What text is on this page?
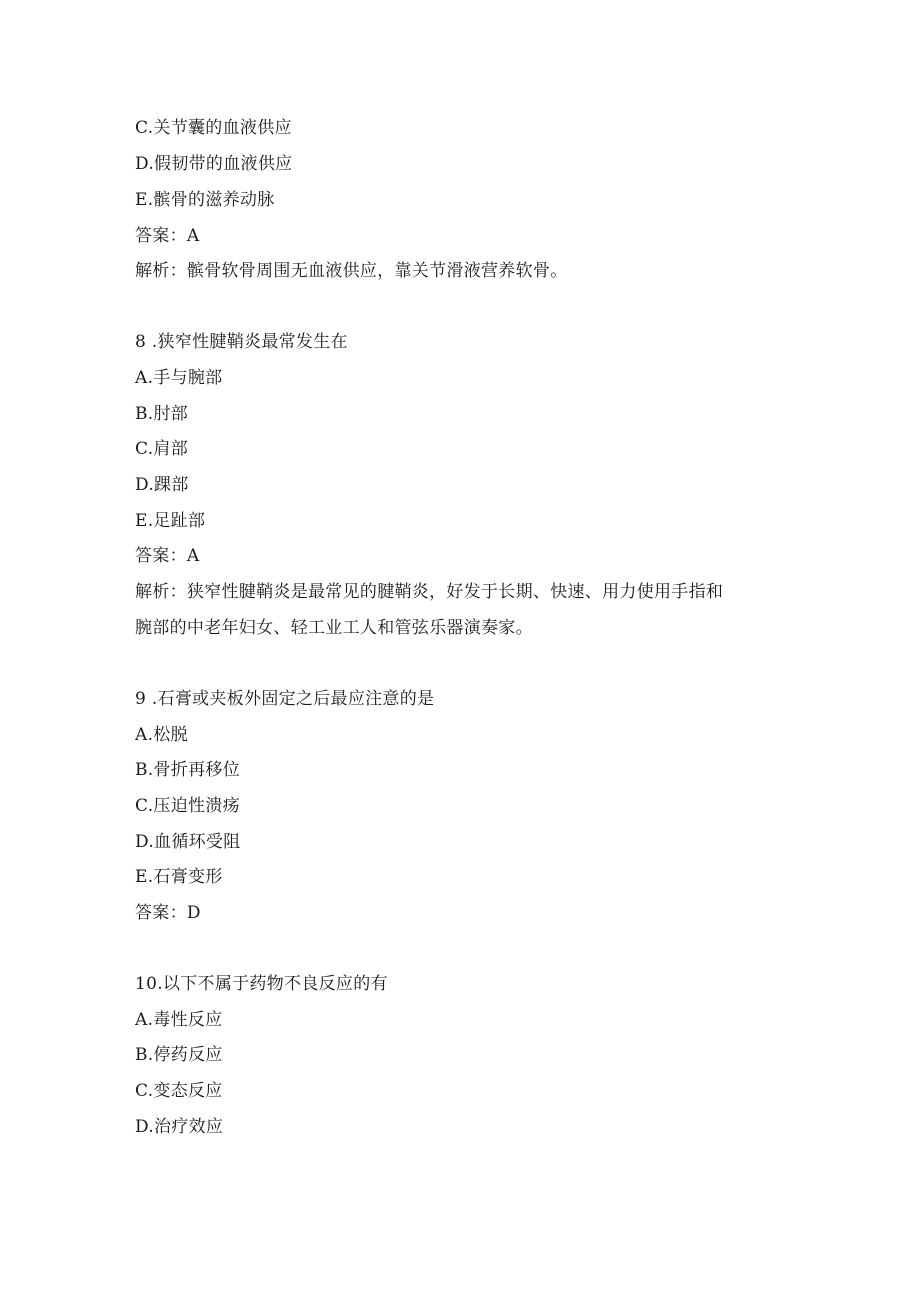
C.关节囊的血液供应
D.假韧带的血液供应
E.髌骨的滋养动脉
答案：A
解析：髌骨软骨周围无血液供应，靠关节滑液营养软骨。
8 .狭窄性腱鞘炎最常发生在
A.手与腕部
B.肘部
C.肩部
D.踝部
E.足趾部
答案：A
解析：狭窄性腱鞘炎是最常见的腱鞘炎，好发于长期、快速、用力使用手指和
腕部的中老年妇女、轻工业工人和管弦乐器演奏家。
9 .石膏或夹板外固定之后最应注意的是
A.松脱
B.骨折再移位
C.压迫性溃疡
D.血循环受阻
E.石膏变形
答案：D
10.以下不属于药物不良反应的有
A.毒性反应
B.停药反应
C.变态反应
D.治疗效应
